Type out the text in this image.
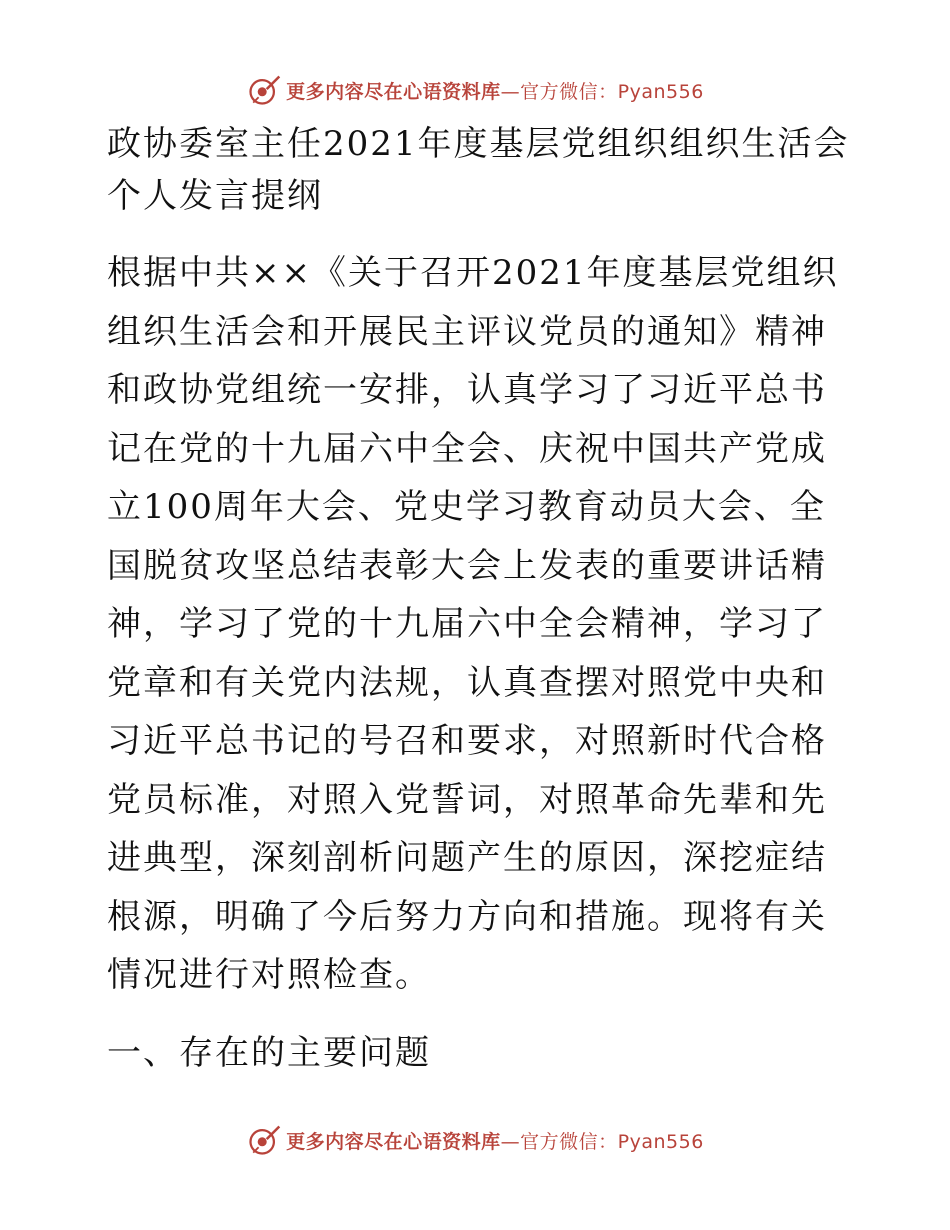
更多内容尽在心语资料库—官方微信：Pyan556
政协委室主任2021年度基层党组织组织生活会个人发言提纲

根据中共××《关于召开2021年度基层党组织组织生活会和开展民主评议党员的通知》精神和政协党组统一安排，认真学习了习近平总书记在党的十九届六中全会、庆祝中国共产党成立100周年大会、党史学习教育动员大会、全国脱贫攻坚总结表彰大会上发表的重要讲话精神，学习了党的十九届六中全会精神，学习了党章和有关党内法规，认真查摆对照党中央和习近平总书记的号召和要求，对照新时代合格党员标准，对照入党誓词，对照革命先辈和先进典型，深刻剖析问题产生的原因，深挖症结根源，明确了今后努力方向和措施。现将有关情况进行对照检查。

一、存在的主要问题
更多内容尽在心语资料库—官方微信：Pyan556
